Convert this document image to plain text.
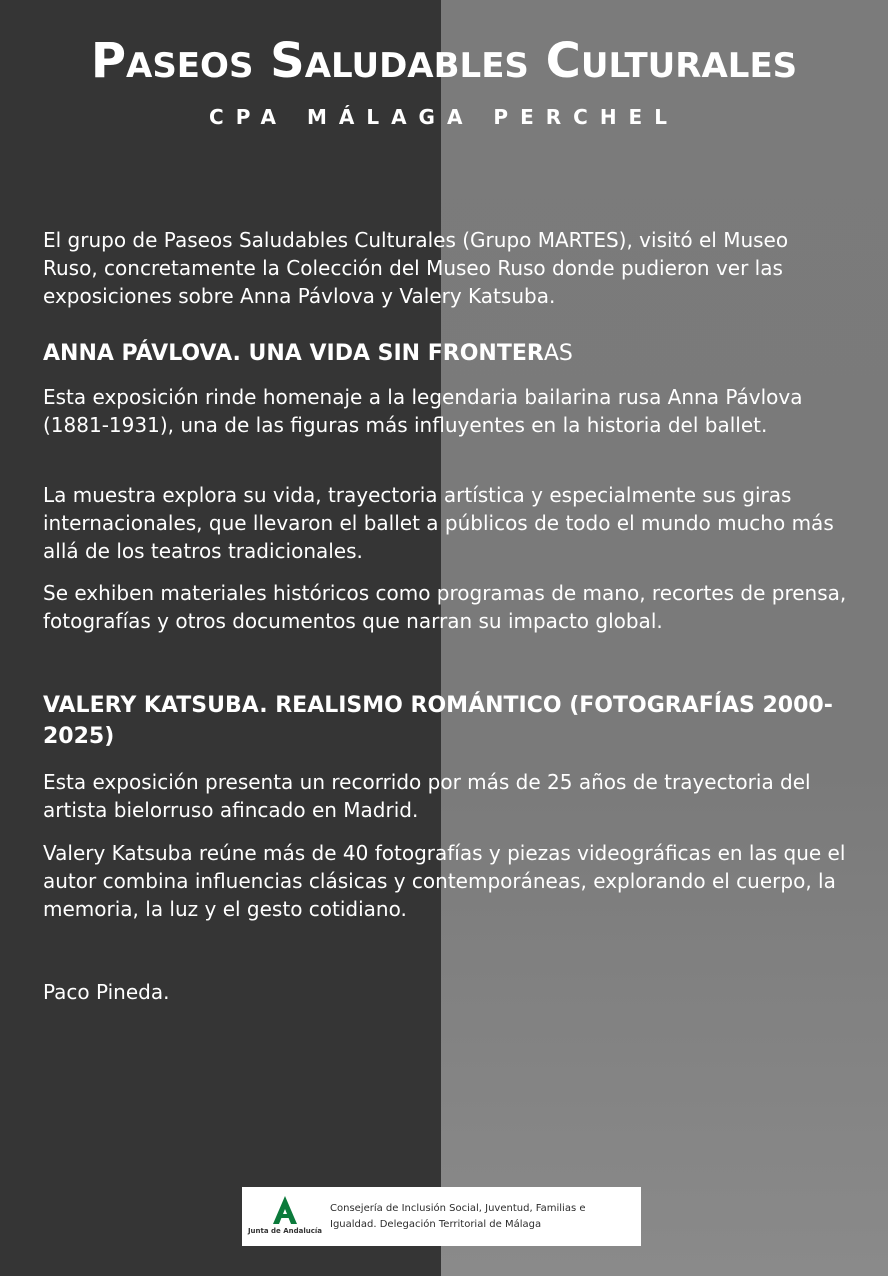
Paseos Saludables Culturales
CPA MÁLAGA PERCHEL

El grupo de Paseos Saludables Culturales (Grupo MARTES), visitó el Museo Ruso, concretamente la Colección del Museo Ruso donde pudieron ver las exposiciones sobre Anna Pávlova y Valery Katsuba.

ANNA PÁVLOVA. UNA VIDA SIN FRONTERAS

Esta exposición rinde homenaje a la legendaria bailarina rusa Anna Pávlova (1881-1931), una de las figuras más influyentes en la historia del ballet.

La muestra explora su vida, trayectoria artística y especialmente sus giras internacionales, que llevaron el ballet a públicos de todo el mundo mucho más allá de los teatros tradicionales.

Se exhiben materiales históricos como programas de mano, recortes de prensa, fotografías y otros documentos que narran su impacto global.

VALERY KATSUBA. REALISMO ROMÁNTICO (FOTOGRAFÍAS 2000-2025)

Esta exposición presenta un recorrido por más de 25 años de trayectoria del artista bielorruso afincado en Madrid.

Valery Katsuba reúne más de 40 fotografías y piezas videográficas en las que el autor combina influencias clásicas y contemporáneas, explorando el cuerpo, la memoria, la luz y el gesto cotidiano.

Paco Pineda.

Junta de Andalucía
Consejería de Inclusión Social, Juventud, Familias e
Igualdad. Delegación Territorial de Málaga
